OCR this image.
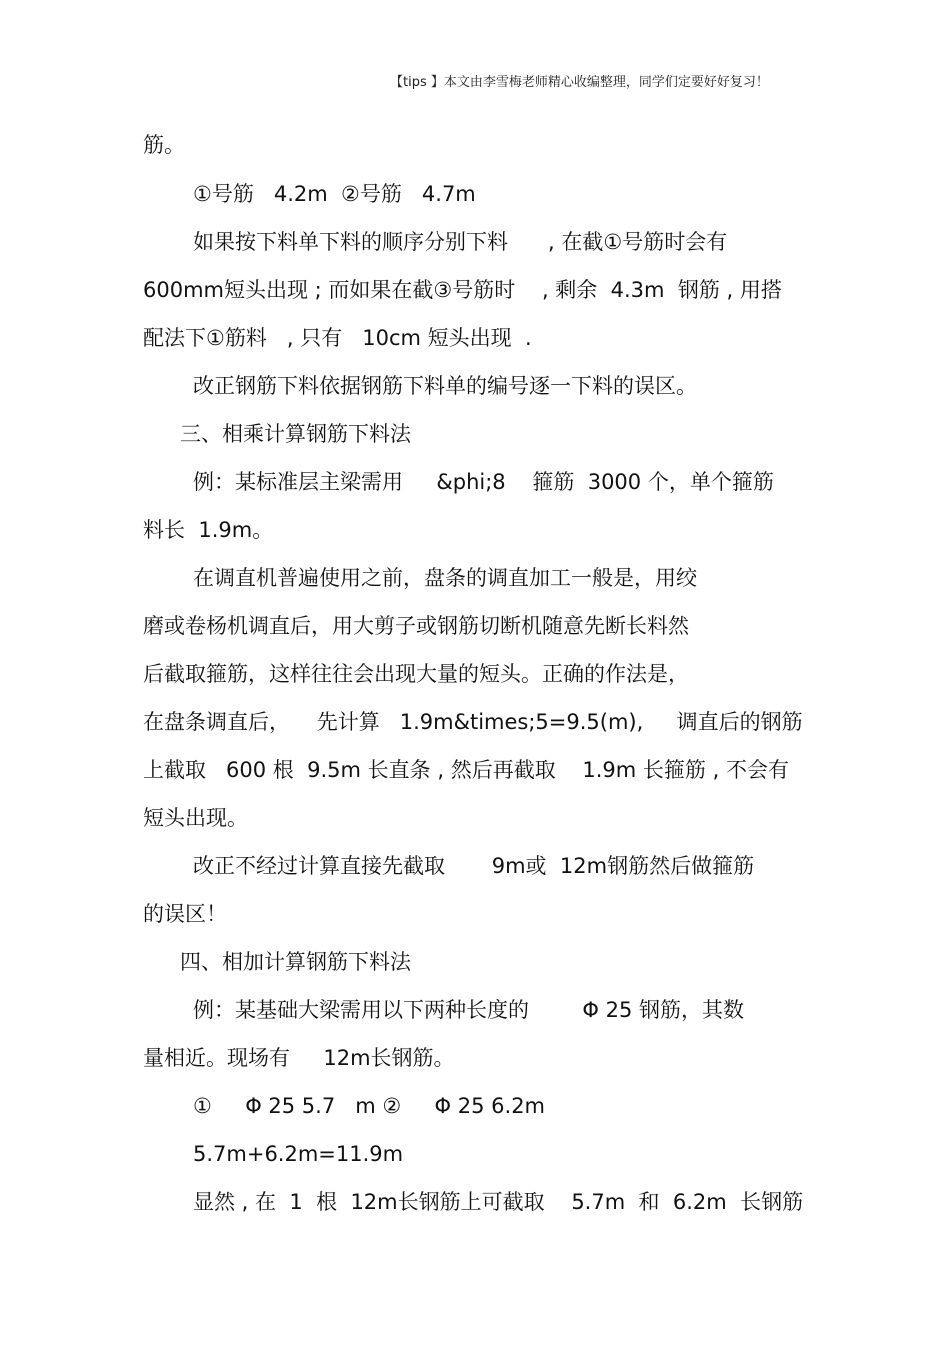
【tips 】本文由李雪梅老师精心收编整理，同学们定要好好复习！
筋。
①号筋   4.2m  ②号筋   4.7m
如果按下料单下料的顺序分别下料      , 在截①号筋时会有
600mm短头出现 ; 而如果在截③号筋时    , 剩余  4.3m  钢筋 , 用搭
配法下①筋料   , 只有   10cm 短头出现  .
改正钢筋下料依据钢筋下料单的编号逐一下料的误区。
三、相乘计算钢筋下料法
例：某标准层主梁需用     &phi;8    箍筋  3000 个，单个箍筋
料长  1.9m。
在调直机普遍使用之前，盘条的调直加工一般是，用绞
磨或卷杨机调直后，用大剪子或钢筋切断机随意先断长料然
后截取箍筋，这样往往会出现大量的短头。正确的作法是，
在盘条调直后，    先计算   1.9m&times;5=9.5(m),     调直后的钢筋
上截取   600 根  9.5m 长直条 , 然后再截取    1.9m 长箍筋 , 不会有
短头出现。
改正不经过计算直接先截取       9m或  12m钢筋然后做箍筋
的误区！
四、相加计算钢筋下料法
例：某基础大梁需用以下两种长度的        Φ 25 钢筋，其数
量相近。现场有     12m长钢筋。
①     Φ 25 5.7   m ②     Φ 25 6.2m
5.7m+6.2m=11.9m
显然 , 在  1  根  12m长钢筋上可截取    5.7m  和  6.2m  长钢筋
